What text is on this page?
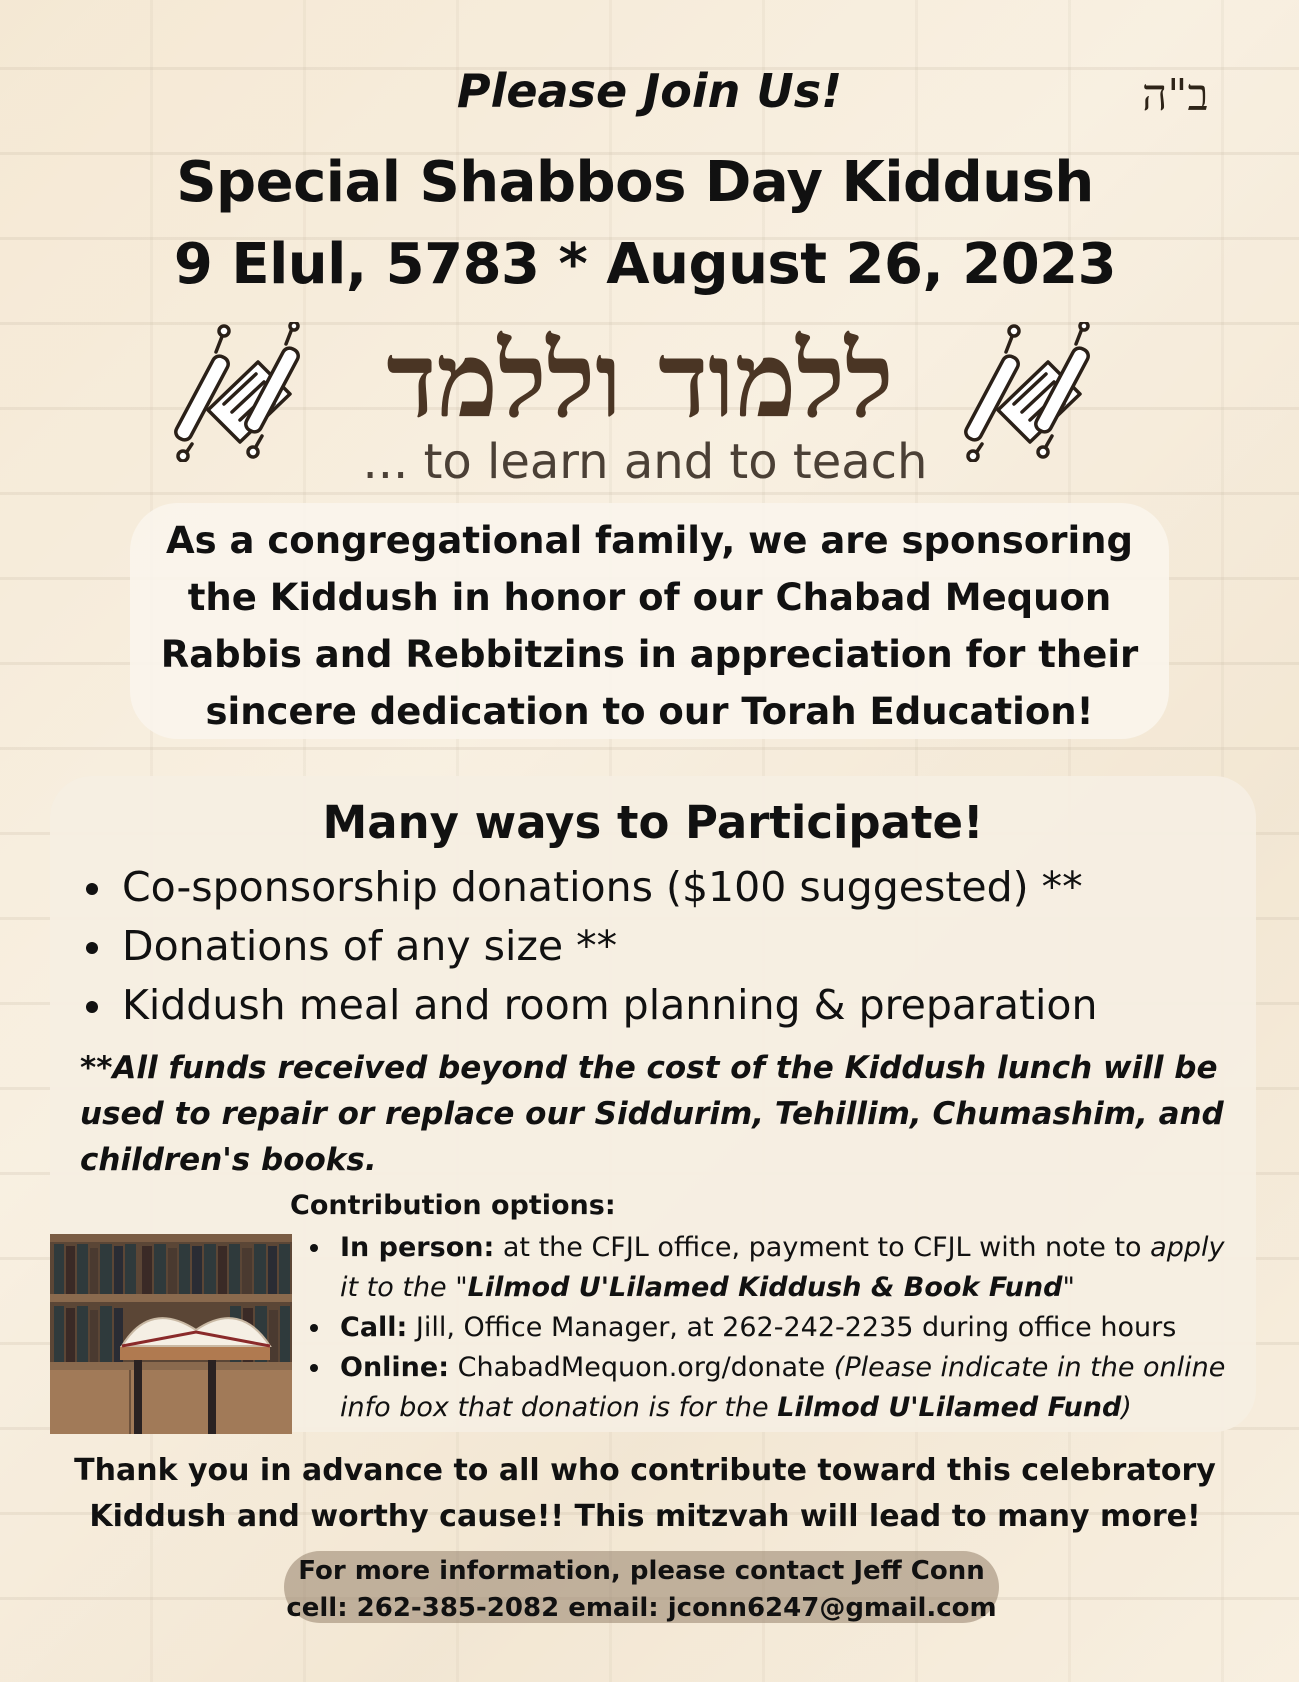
ב"ה
Please Join Us!
Special Shabbos Day Kiddush
9 Elul, 5783 * August 26, 2023
ללמוד וללמד
... to learn and to teach
As a congregational family, we are sponsoring the Kiddush in honor of our Chabad Mequon Rabbis and Rebbitzins in appreciation for their sincere dedication to our Torah Education!
Many ways to Participate!
Co-sponsorship donations ($100 suggested) **
Donations of any size **
Kiddush meal and room planning & preparation
**All funds received beyond the cost of the Kiddush lunch will be used to repair or replace our Siddurim, Tehillim, Chumashim, and children's books.
Contribution options:
In person: at the CFJL office, payment to CFJL with note to apply it to the "Lilmod U'Lilamed Kiddush & Book Fund"
Call: Jill, Office Manager, at 262-242-2235 during office hours
Online: ChabadMequon.org/donate (Please indicate in the online info box that donation is for the Lilmod U'Lilamed Fund)
Thank you in advance to all who contribute toward this celebratory
Kiddush and worthy cause!! This mitzvah will lead to many more!
For more information, please contact Jeff Conn
cell: 262-385-2082 email: jconn6247@gmail.com
